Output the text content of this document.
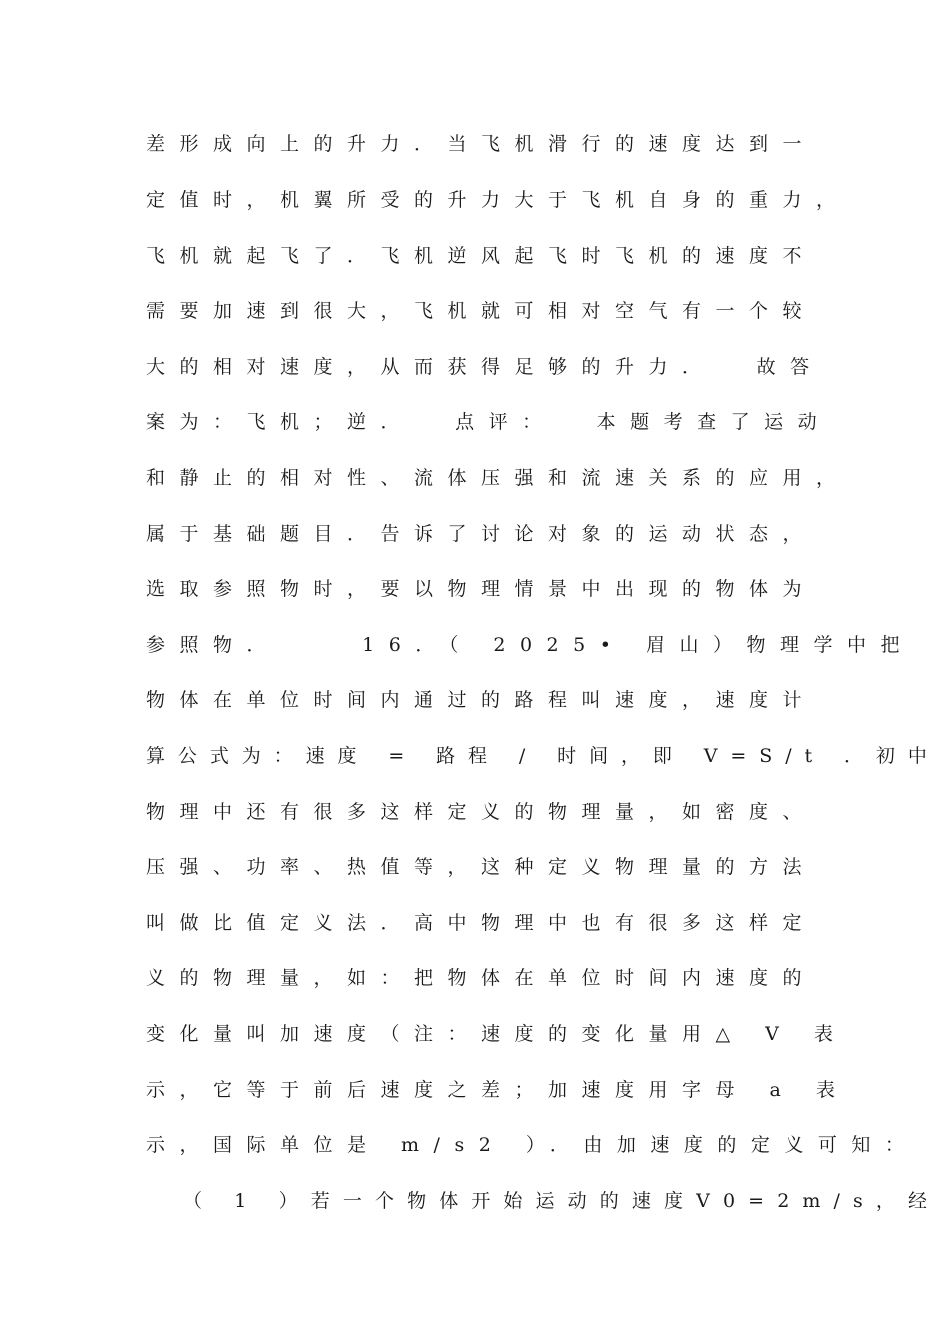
差形成向上的升力．当飞机滑行的速度达到一
定值时，机翼所受的升力大于飞机自身的重力，
飞机就起飞了．飞机逆风起飞时飞机的速度不
需要加速到很大，飞机就可相对空气有一个较
大的相对速度，从而获得足够的升力．  故答
案为：飞机；逆．  点评：  本题考查了运动
和静止的相对性、流体压强和流速关系的应用，
属于基础题目．告诉了讨论对象的运动状态，
选取参照物时，要以物理情景中出现的物体为
参照物．    16．（ 2025• 眉山）物理学中把
物体在单位时间内通过的路程叫速度，速度计
算公式为：速度 = 路程 / 时间，即 V=S/t ．初中
物理中还有很多这样定义的物理量，如密度、
压强、功率、热值等，这种定义物理量的方法
叫做比值定义法．高中物理中也有很多这样定
义的物理量，如：把物体在单位时间内速度的
变化量叫加速度（注：速度的变化量用△ V 表
示，它等于前后速度之差；加速度用字母 a 表
示，国际单位是 m/s2 ）．由加速度的定义可知：
（ 1 ）若一个物体开始运动的速度V0=2m/s，经
